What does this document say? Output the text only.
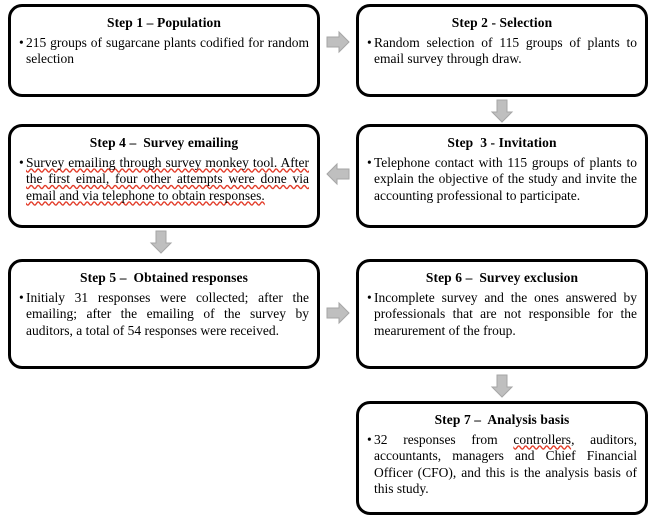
Step 1 – Population
• 215 groups of sugarcane plants codified for random selection
Step 2 - Selection
• Random selection of 115 groups of plants to email survey through draw.
Step 4 –  Survey emailing
• Survey emailing through survey monkey tool. After the first eimal, four other attempts were done via email and via telephone to obtain responses.
Step  3 - Invitation
• Telephone contact with 115 groups of plants to explain the objective of the study and invite the accounting professional to participate.
Step 5 –  Obtained responses
• Initialy 31 responses were collected; after the emailing; after the emailing of the survey by auditors, a total of 54 responses were received.
Step 6 –  Survey exclusion
• Incomplete survey and the ones answered by professionals that are not responsible for the mearurement of the froup.
Step 7 –  Analysis basis
• 32 responses from controllers, auditors, accountants, managers and Chief Financial Officer (CFO), and this is the analysis basis of this study.
